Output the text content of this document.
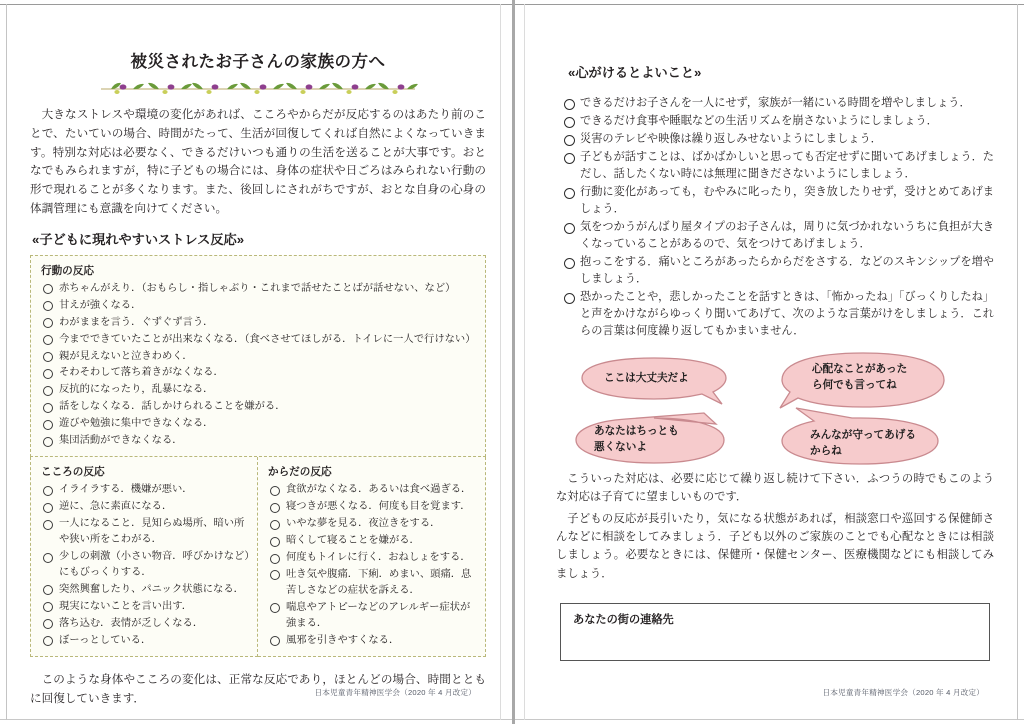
被災されたお子さんの家族の方へ

大きなストレスや環境の変化があれば、こころやからだが反応するのはあたり前のことで、たいていの場合、時間がたって、生活が回復してくれば自然によくなっていきます。特別な対応は必要なく、できるだけいつも通りの生活を送ることが大事です。おとなでもみられますが，特に子どもの場合には、身体の症状や日ごろはみられない行動の形で現れることが多くなります。また、後回しにされがちですが、おとな自身の心身の体調管理にも意識を向けてください。

«子どもに現れやすいストレス反応»
行動の反応
赤ちゃんがえり．（おもらし・指しゃぶり・これまで話せたことばが話せない、など）
甘えが強くなる．
わがままを言う．ぐずぐず言う．
今までできていたことが出来なくなる．（食べさせてほしがる．トイレに一人で行けない）
親が見えないと泣きわめく．
そわそわして落ち着きがなくなる．
反抗的になったり，乱暴になる．
話をしなくなる．話しかけられることを嫌がる．
遊びや勉強に集中できなくなる．
集団活動ができなくなる．
こころの反応
イライラする．機嫌が悪い．
逆に、急に素直になる．
一人になること．見知らぬ場所、暗い所や狭い所をこわがる．
少しの刺激（小さい物音．呼びかけなど）にもびっくりする．
突然興奮したり、パニック状態になる．
現実にないことを言い出す．
落ち込む．表情が乏しくなる．
ぼーっとしている．
からだの反応
食欲がなくなる．あるいは食べ過ぎる．
寝つきが悪くなる．何度も目を覚ます．
いやな夢を見る．夜泣きをする．
暗くして寝ることを嫌がる．
何度もトイレに行く．おねしょをする．
吐き気や腹痛．下痢．めまい、頭痛．息苦しさなどの症状を訴える．
喘息やアトピーなどのアレルギー症状が強まる．
風邪を引きやすくなる．

このような身体やこころの変化は、正常な反応であり，ほとんどの場合、時間とともに回復していきます．	日本児童青年精神医学会（2020 年 4 月改定）
«心がけるとよいこと»
できるだけお子さんを一人にせず，家族が一緒にいる時間を増やしましょう．
できるだけ食事や睡眠などの生活リズムを崩さないようにしましょう．
災害のテレビや映像は繰り返しみせないようにしましょう．
子どもが話すことは、ばかばかしいと思っても否定せずに聞いてあげましょう．ただし、話したくない時には無理に聞きださないようにしましょう．
行動に変化があっても，むやみに叱ったり，突き放したりせず，受けとめてあげましょう．
気をつかうがんばり屋タイプのお子さんは，周りに気づかれないうちに負担が大きくなっていることがあるので、気をつけてあげましょう．
抱っこをする．痛いところがあったらからだをさする．などのスキンシップを増やしましょう．
恐かったことや，悲しかったことを話すときは、「怖かったね」「びっくりしたね」と声をかけながらゆっくり聞いてあげて、次のような言葉がけをしましょう．これらの言葉は何度繰り返してもかまいません．
ここは大丈夫だよ
心配なことがあった
ら何でも言ってね
あなたはちっとも
悪くないよ
みんなが守ってあげる
からね

こういった対応は、必要に応じて繰り返し続けて下さい．ふつうの時でもこのような対応は子育てに望ましいものです．

子どもの反応が長引いたり，気になる状態があれば，相談窓口や巡回する保健師さんなどに相談をしてみましょう．子ども以外のご家族のことでも心配なときには相談しましょう。必要なときには、保健所・保健センター、医療機関などにも相談してみましょう．

あなたの街の連絡先
日本児童青年精神医学会（2020 年 4 月改定）
